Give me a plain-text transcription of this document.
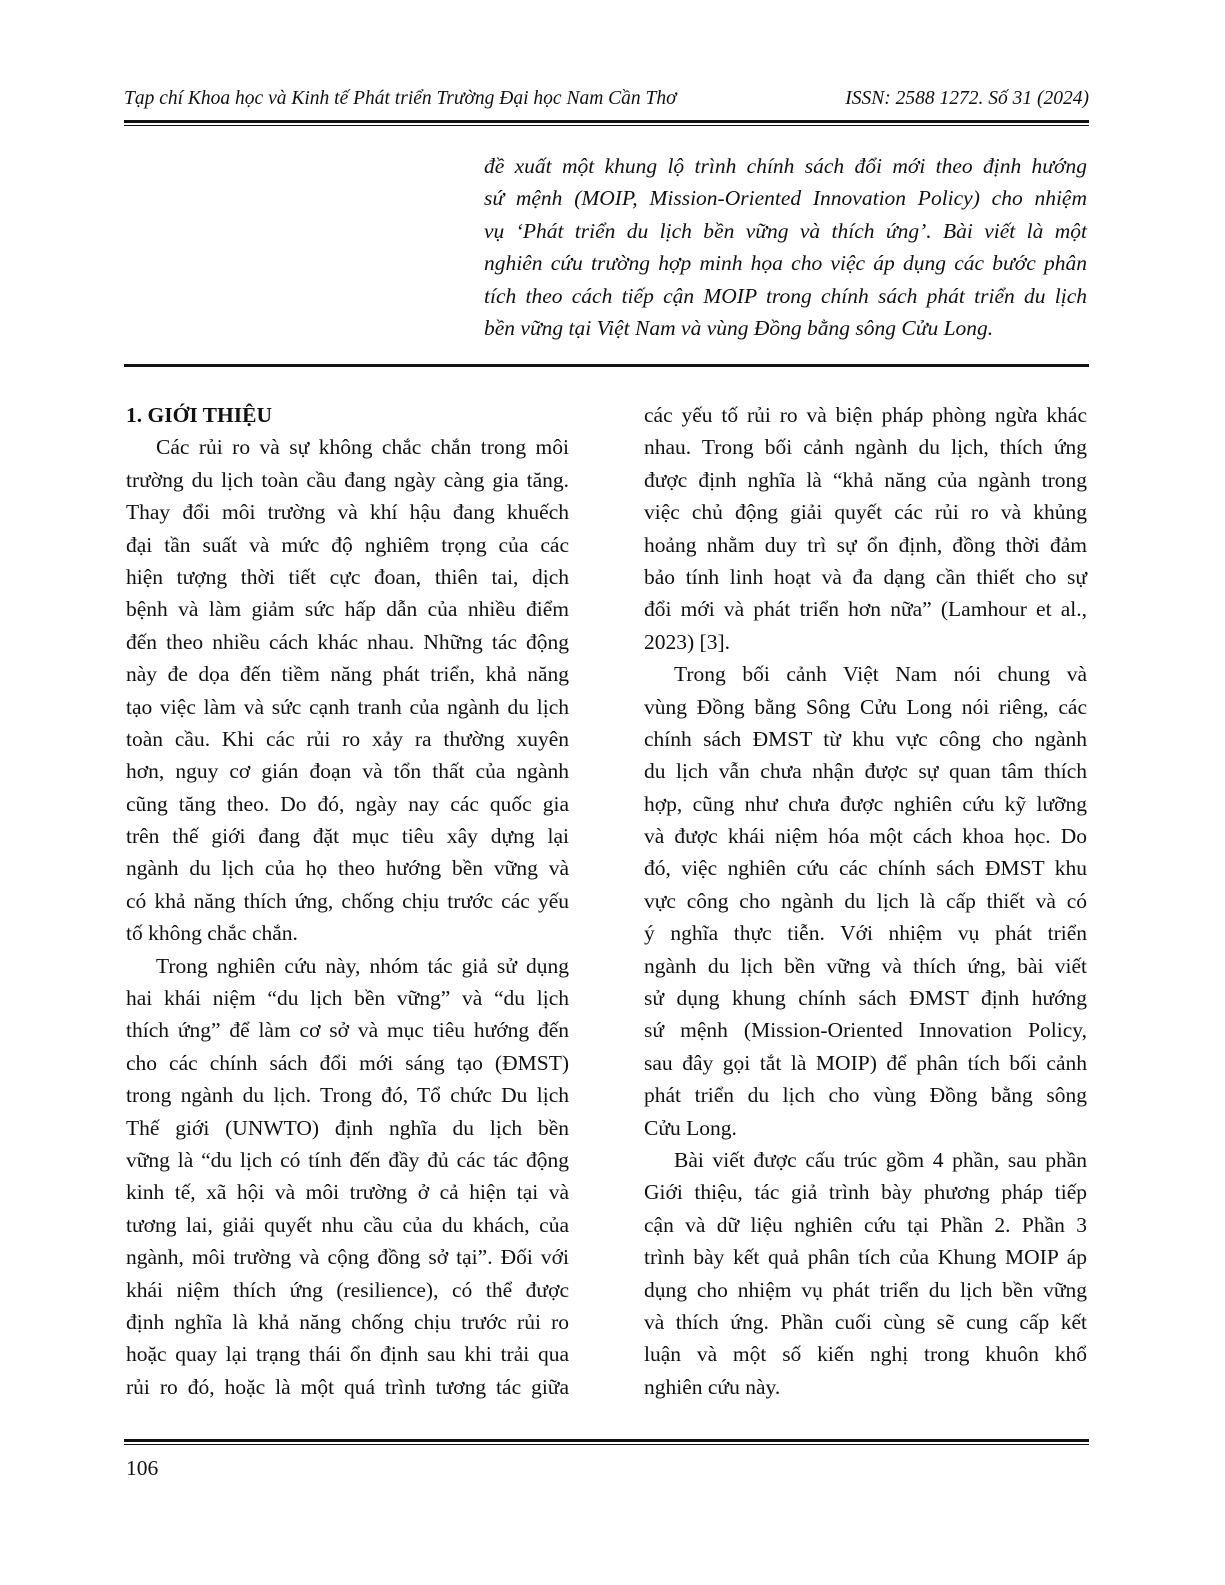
Tạp chí Khoa học và Kinh tế Phát triển Trường Đại học Nam Cần Thơ	ISSN: 2588 1272. Số 31 (2024)
đề xuất một khung lộ trình chính sách đổi mới theo định hướng
sứ mệnh (MOIP, Mission-Oriented Innovation Policy) cho nhiệm
vụ ‘Phát triển du lịch bền vững và thích ứng’. Bài viết là một
nghiên cứu trường hợp minh họa cho việc áp dụng các bước phân
tích theo cách tiếp cận MOIP trong chính sách phát triển du lịch
bền vững tại Việt Nam và vùng Đồng bằng sông Cửu Long.
1. GIỚI THIỆU
Các rủi ro và sự không chắc chắn trong môi
trường du lịch toàn cầu đang ngày càng gia tăng.
Thay đổi môi trường và khí hậu đang khuếch
đại tần suất và mức độ nghiêm trọng của các
hiện tượng thời tiết cực đoan, thiên tai, dịch
bệnh và làm giảm sức hấp dẫn của nhiều điểm
đến theo nhiều cách khác nhau. Những tác động
này đe dọa đến tiềm năng phát triển, khả năng
tạo việc làm và sức cạnh tranh của ngành du lịch
toàn cầu. Khi các rủi ro xảy ra thường xuyên
hơn, nguy cơ gián đoạn và tổn thất của ngành
cũng tăng theo. Do đó, ngày nay các quốc gia
trên thế giới đang đặt mục tiêu xây dựng lại
ngành du lịch của họ theo hướng bền vững và
có khả năng thích ứng, chống chịu trước các yếu
tố không chắc chắn.
Trong nghiên cứu này, nhóm tác giả sử dụng
hai khái niệm “du lịch bền vững” và “du lịch
thích ứng” để làm cơ sở và mục tiêu hướng đến
cho các chính sách đổi mới sáng tạo (ĐMST)
trong ngành du lịch. Trong đó, Tổ chức Du lịch
Thế giới (UNWTO) định nghĩa du lịch bền
vững là “du lịch có tính đến đầy đủ các tác động
kinh tế, xã hội và môi trường ở cả hiện tại và
tương lai, giải quyết nhu cầu của du khách, của
ngành, môi trường và cộng đồng sở tại”. Đối với
khái niệm thích ứng (resilience), có thể được
định nghĩa là khả năng chống chịu trước rủi ro
hoặc quay lại trạng thái ổn định sau khi trải qua
rủi ro đó, hoặc là một quá trình tương tác giữa
các yếu tố rủi ro và biện pháp phòng ngừa khác
nhau. Trong bối cảnh ngành du lịch, thích ứng
được định nghĩa là “khả năng của ngành trong
việc chủ động giải quyết các rủi ro và khủng
hoảng nhằm duy trì sự ổn định, đồng thời đảm
bảo tính linh hoạt và đa dạng cần thiết cho sự
đổi mới và phát triển hơn nữa” (Lamhour et al.,
2023) [3].
Trong bối cảnh Việt Nam nói chung và
vùng Đồng bằng Sông Cửu Long nói riêng, các
chính sách ĐMST từ khu vực công cho ngành
du lịch vẫn chưa nhận được sự quan tâm thích
hợp, cũng như chưa được nghiên cứu kỹ lưỡng
và được khái niệm hóa một cách khoa học. Do
đó, việc nghiên cứu các chính sách ĐMST khu
vực công cho ngành du lịch là cấp thiết và có
ý nghĩa thực tiễn. Với nhiệm vụ phát triển
ngành du lịch bền vững và thích ứng, bài viết
sử dụng khung chính sách ĐMST định hướng
sứ mệnh (Mission-Oriented Innovation Policy,
sau đây gọi tắt là MOIP) để phân tích bối cảnh
phát triển du lịch cho vùng Đồng bằng sông
Cửu Long.
Bài viết được cấu trúc gồm 4 phần, sau phần
Giới thiệu, tác giả trình bày phương pháp tiếp
cận và dữ liệu nghiên cứu tại Phần 2. Phần 3
trình bày kết quả phân tích của Khung MOIP áp
dụng cho nhiệm vụ phát triển du lịch bền vững
và thích ứng. Phần cuối cùng sẽ cung cấp kết
luận và một số kiến nghị trong khuôn khổ
nghiên cứu này.
106
